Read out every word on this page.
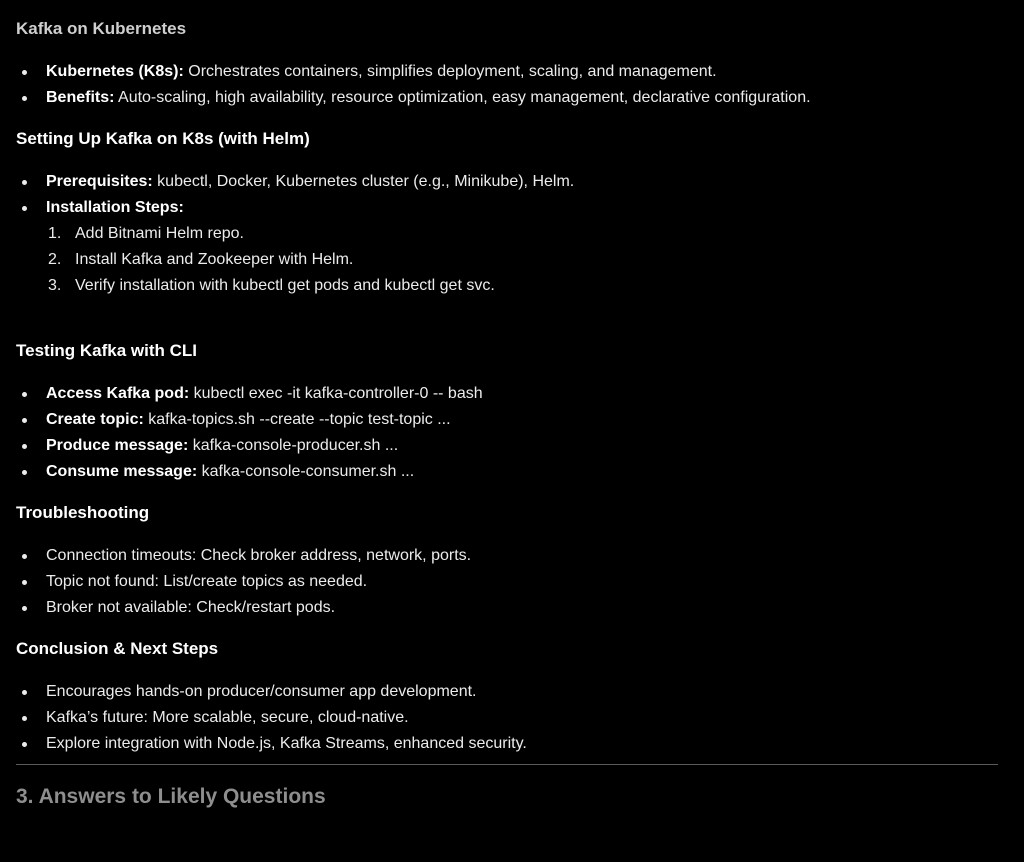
Kafka on Kubernetes
Kubernetes (K8s): Orchestrates containers, simplifies deployment, scaling, and management.
Benefits: Auto-scaling, high availability, resource optimization, easy management, declarative configuration.
Setting Up Kafka on K8s (with Helm)
Prerequisites: kubectl, Docker, Kubernetes cluster (e.g., Minikube), Helm.
Installation Steps:
1. Add Bitnami Helm repo.
2. Install Kafka and Zookeeper with Helm.
3. Verify installation with kubectl get pods and kubectl get svc.
Testing Kafka with CLI
Access Kafka pod: kubectl exec -it kafka-controller-0 -- bash
Create topic: kafka-topics.sh --create --topic test-topic ...
Produce message: kafka-console-producer.sh ...
Consume message: kafka-console-consumer.sh ...
Troubleshooting
Connection timeouts: Check broker address, network, ports.
Topic not found: List/create topics as needed.
Broker not available: Check/restart pods.
Conclusion & Next Steps
Encourages hands-on producer/consumer app development.
Kafka’s future: More scalable, secure, cloud-native.
Explore integration with Node.js, Kafka Streams, enhanced security.
3. Answers to Likely Questions
